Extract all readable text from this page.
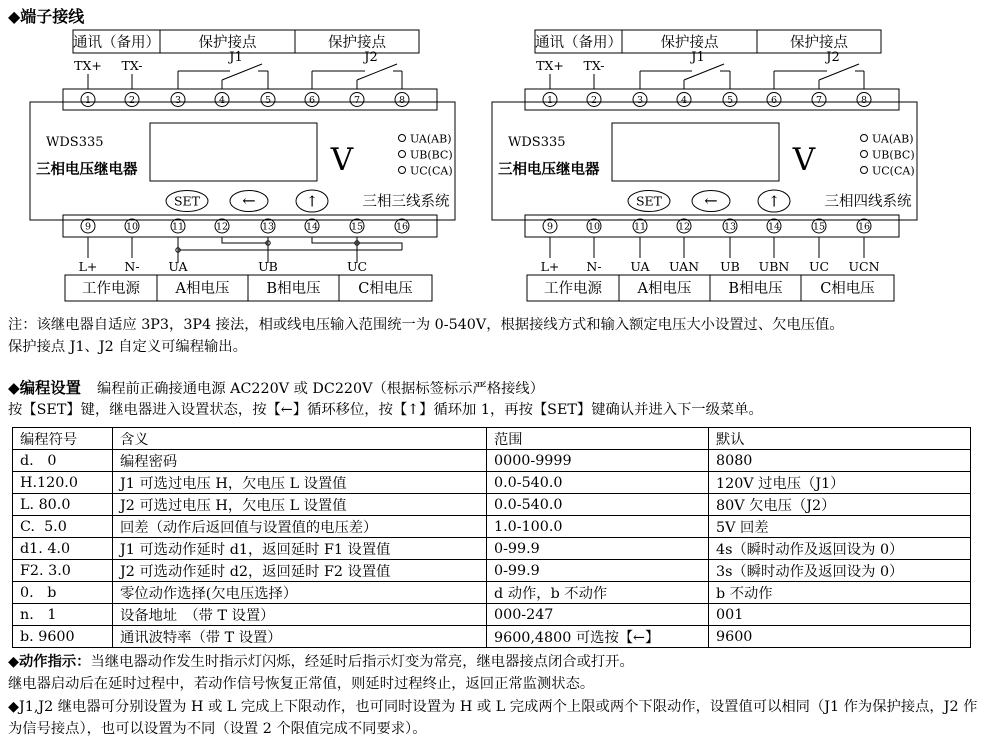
◆端子接线
通讯（备用）	保护接点	保护接点
TX+ TX-
J1	J2
1	2	3	4	5	6	7	8
9	10	11	12	13	14	15	16
WDS335
三相电压继电器	V
UA(AB)
UB(BC)
UC(CA)
SET	←	↑	三相三线系统
L+ N- UA	UB	UC
工作电源 A相电压	B相电压	C相电压
通讯（备用）	保护接点	保护接点
TX+ TX-
J1	J2
1	2	3	4	5	6	7	8
9	10	11	12	13	14	15	16
WDS335
三相电压继电器	V
UA(AB)
UB(BC)
UC(CA)
SET	←	↑	三相四线系统
L+ N- UA UAN UB UBN UC UCN
工作电源 A相电压	B相电压	C相电压
注：该继电器自适应 3P3，3P4 接法，相或线电压输入范围统一为 0-540V，根据接线方式和输入额定电压大小设置过、欠电压值。
保护接点 J1、J2 自定义可编程输出。
◆编程设置 编程前正确接通电源 AC220V 或 DC220V（根据标签标示严格接线）
按【SET】键，继电器进入设置状态，按【←】循环移位，按【↑】循环加 1，再按【SET】键确认并进入下一级菜单。
编程符号	含义	范围	默认
d.   0	编程密码	0000-9999	8080
H.120.0	J1 可选过电压 H，欠电压 L 设置值	0.0-540.0	120V 过电压（J1）
L. 80.0	J2 可选过电压 H，欠电压 L 设置值	0.0-540.0	80V 欠电压（J2）
C.  5.0	回差（动作后返回值与设置值的电压差）	1.0-100.0	5V 回差
d1. 4.0	J1 可选动作延时 d1，返回延时 F1 设置值	0-99.9	4s（瞬时动作及返回设为 0）
F2. 3.0	J2 可选动作延时 d2，返回延时 F2 设置值	0-99.9	3s（瞬时动作及返回设为 0）
0.   b	零位动作选择(欠电压选择）	d 动作，b 不动作	b 不动作
n.   1	设备地址　（带 T 设置）	000-247	001
b. 9600	通讯波特率（带 T 设置）	9600,4800 可选按【←】	9600
◆动作指示：当继电器动作发生时指示灯闪烁，经延时后指示灯变为常亮，继电器接点闭合或打开。
继电器启动后在延时过程中，若动作信号恢复正常值，则延时过程终止，返回正常监测状态。
◆J1,J2 继电器可分别设置为 H 或 L 完成上下限动作，也可同时设置为 H 或 L 完成两个上限或两个下限动作，设置值可以相同（J1 作为保护接点，J2 作为信号接点），也可以设置为不同（设置 2 个限值完成不同要求）。
